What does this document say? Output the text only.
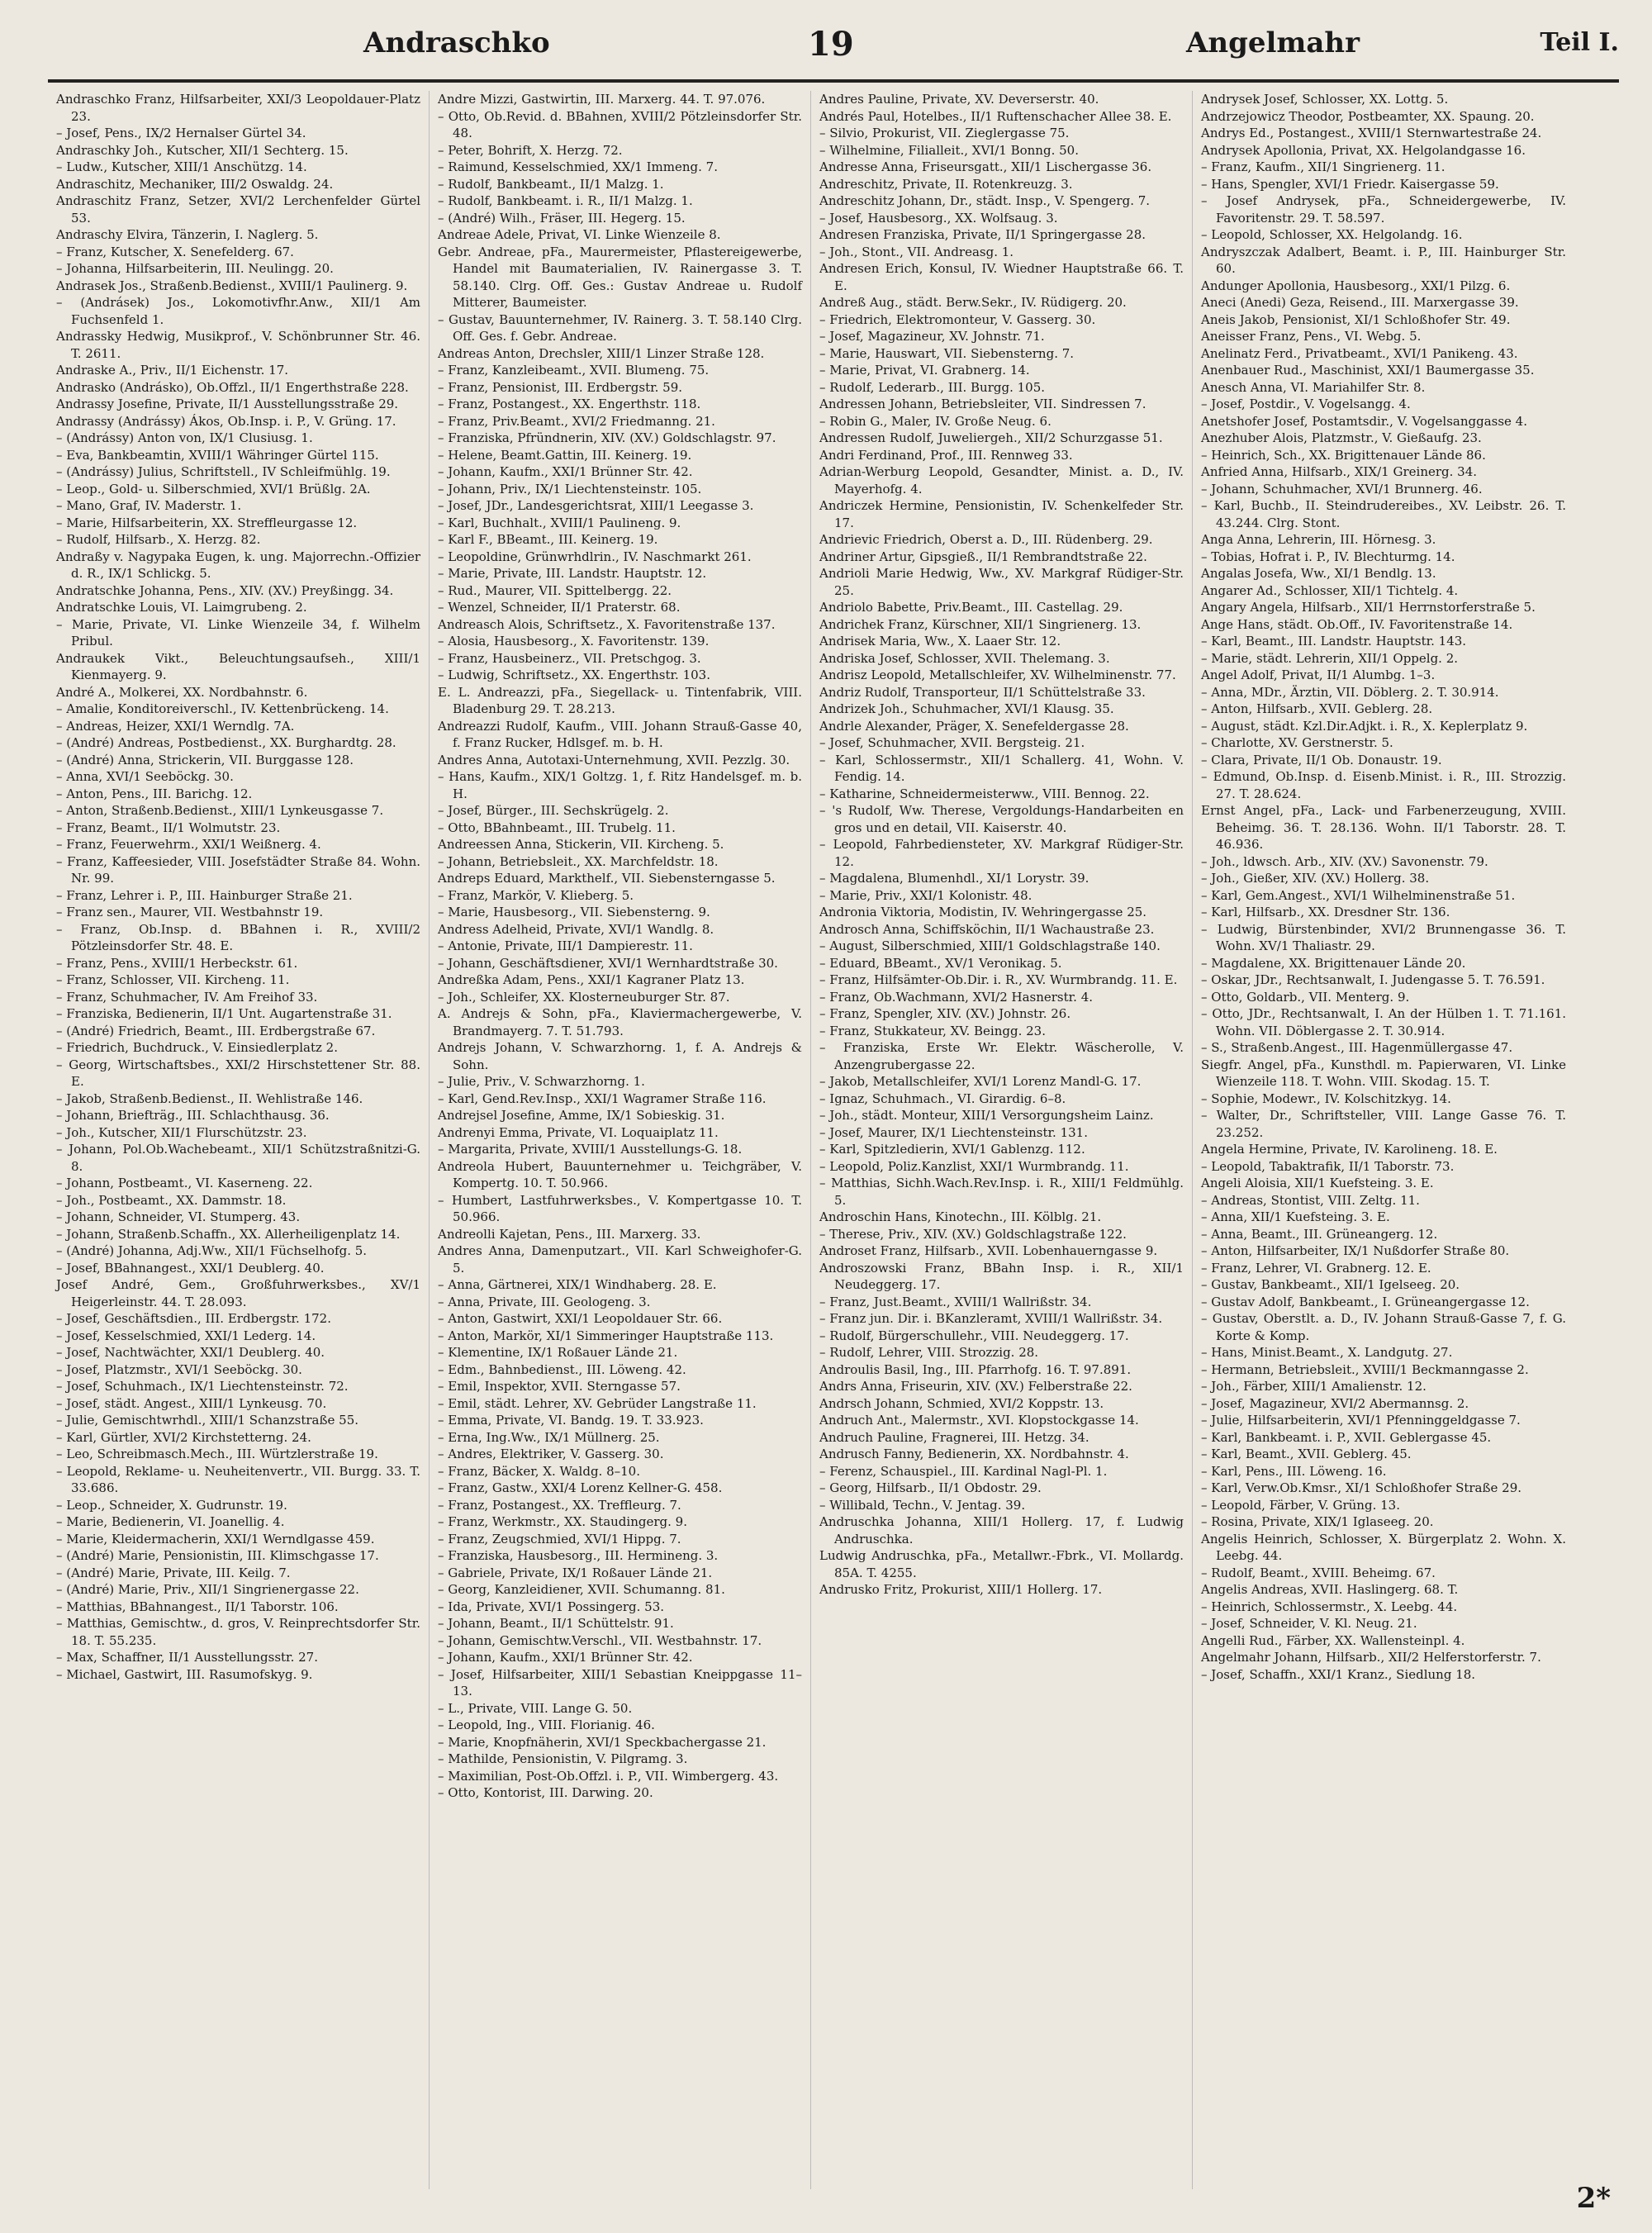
Andraschko	19	Angelmahr	Teil I.

Andraschko Franz, Hilfsarbeiter, XXI/3 Leopoldauer-Platz 23.

– Josef, Pens., IX/2 Hernalser Gürtel 34.

Andraschky Joh., Kutscher, XII/1 Sechterg. 15.

– Ludw., Kutscher, XIII/1 Anschützg. 14.

Andraschitz, Mechaniker, III/2 Oswaldg. 24.

Andraschitz Franz, Setzer, XVI/2 Lerchenfelder Gürtel 53.

Andraschy Elvira, Tänzerin, I. Naglerg. 5.

– Franz, Kutscher, X. Senefelderg. 67.

– Johanna, Hilfsarbeiterin, III. Neulingg. 20.

Andrasek Jos., Straßenb.Bedienst., XVIII/1 Paulinerg. 9.

– (Andrásek) Jos., Lokomotivfhr.Anw., XII/1 Am Fuchsenfeld 1.

Andrassky Hedwig, Musikprof., V. Schönbrunner Str. 46. T. 2611.

Andraske A., Priv., II/1 Eichenstr. 17.

Andrasko (Andrásko), Ob.Offzl., II/1 Engerthstraße 228.

Andrassy Josefine, Private, II/1 Ausstellungsstraße 29.

Andrassy (Andrássy) Ákos, Ob.Insp. i. P., V. Grüng. 17.

– (Andrássy) Anton von, IX/1 Clusiusg. 1.

– Eva, Bankbeamtin, XVIII/1 Währinger Gürtel 115.

– (Andrássy) Julius, Schriftstell., IV Schleifmühlg. 19.

– Leop., Gold- u. Silberschmied, XVI/1 Brüßlg. 2A.

– Mano, Graf, IV. Maderstr. 1.

– Marie, Hilfsarbeiterin, XX. Streffleurgasse 12.

– Rudolf, Hilfsarb., X. Herzg. 82.

Andraßy v. Nagypaka Eugen, k. ung. Majorrechn.-Offizier d. R., IX/1 Schlickg. 5.

Andratschke Johanna, Pens., XIV. (XV.) Preyßingg. 34.

Andratschke Louis, VI. Laimgrubeng. 2.

– Marie, Private, VI. Linke Wienzeile 34, f. Wilhelm Pribul.

Andraukek Vikt., Beleuchtungsaufseh., XIII/1 Kienmayerg. 9.

André A., Molkerei, XX. Nordbahnstr. 6.

– Amalie, Konditoreiverschl., IV. Kettenbrückeng. 14.

– Andreas, Heizer, XXI/1 Werndlg. 7A.

– (André) Andreas, Postbedienst., XX. Burghardtg. 28.

– (André) Anna, Strickerin, VII. Burggasse 128.

– Anna, XVI/1 Seeböckg. 30.

– Anton, Pens., III. Barichg. 12.

– Anton, Straßenb.Bedienst., XIII/1 Lynkeusgasse 7.

– Franz, Beamt., II/1 Wolmutstr. 23.

– Franz, Feuerwehrm., XXI/1 Weißnerg. 4.

– Franz, Kaffeesieder, VIII. Josefstädter Straße 84. Wohn. Nr. 99.

– Franz, Lehrer i. P., III. Hainburger Straße 21.

– Franz sen., Maurer, VII. Westbahnstr 19.

– Franz, Ob.Insp. d. BBahnen i. R., XVIII/2 Pötzleinsdorfer Str. 48. E.

– Franz, Pens., XVIII/1 Herbeckstr. 61.

– Franz, Schlosser, VII. Kircheng. 11.

– Franz, Schuhmacher, IV. Am Freihof 33.

– Franziska, Bedienerin, II/1 Unt. Augartenstraße 31.

– (André) Friedrich, Beamt., III. Erdbergstraße 67.

– Friedrich, Buchdruck., V. Einsiedlerplatz 2.

– Georg, Wirtschaftsbes., XXI/2 Hirschstettener Str. 88. E.

– Jakob, Straßenb.Bedienst., II. Wehlistraße 146.

– Johann, Briefträg., III. Schlachthausg. 36.

– Joh., Kutscher, XII/1 Flurschützstr. 23.

– Johann, Pol.Ob.Wachebeamt., XII/1 Schützstraßnitzi-G. 8.

– Johann, Postbeamt., VI. Kaserneng. 22.

– Joh., Postbeamt., XX. Dammstr. 18.

– Johann, Schneider, VI. Stumperg. 43.

– Johann, Straßenb.Schaffn., XX. Allerheiligenplatz 14.

– (André) Johanna, Adj.Ww., XII/1 Füchselhofg. 5.

– Josef, BBahnangest., XXI/1 Deublerg. 40.

Josef André, Gem., Großfuhrwerksbes., XV/1 Heigerleinstr. 44. T. 28.093.

– Josef, Geschäftsdien., III. Erdbergstr. 172.

– Josef, Kesselschmied, XXI/1 Lederg. 14.

– Josef, Nachtwächter, XXI/1 Deublerg. 40.

– Josef, Platzmstr., XVI/1 Seeböckg. 30.

– Josef, Schuhmach., IX/1 Liechtensteinstr. 72.

– Josef, städt. Angest., XIII/1 Lynkeusg. 70.

– Julie, Gemischtwrhdl., XIII/1 Schanzstraße 55.

– Karl, Gürtler, XVI/2 Kirchstetterng. 24.

– Leo, Schreibmasch.Mech., III. Würtzlerstraße 19.

– Leopold, Reklame- u. Neuheitenvertr., VII. Burgg. 33. T. 33.686.

– Leop., Schneider, X. Gudrunstr. 19.

– Marie, Bedienerin, VI. Joanellig. 4.

– Marie, Kleidermacherin, XXI/1 Werndlgasse 459.

– (André) Marie, Pensionistin, III. Klimschgasse 17.

– (André) Marie, Private, III. Keilg. 7.

– (André) Marie, Priv., XII/1 Singrienergasse 22.

– Matthias, BBahnangest., II/1 Taborstr. 106.

– Matthias, Gemischtw., d. gros, V. Reinprechtsdorfer Str. 18. T. 55.235.

– Max, Schaffner, II/1 Ausstellungsstr. 27.

– Michael, Gastwirt, III. Rasumofskyg. 9.

Andre Mizzi, Gastwirtin, III. Marxerg. 44. T. 97.076.

– Otto, Ob.Revid. d. BBahnen, XVIII/2 Pötzleinsdorfer Str. 48.

– Peter, Bohrift, X. Herzg. 72.

– Raimund, Kesselschmied, XX/1 Immeng. 7.

– Rudolf, Bankbeamt., II/1 Malzg. 1.

– Rudolf, Bankbeamt. i. R., II/1 Malzg. 1.

– (André) Wilh., Fräser, III. Hegerg. 15.

Andreae Adele, Privat, VI. Linke Wienzeile 8.

Gebr. Andreae, pFa., Maurermeister, Pflastereigewerbe, Handel mit Baumaterialien, IV. Rainergasse 3. T. 58.140. Clrg. Off. Ges.: Gustav Andreae u. Rudolf Mitterer, Baumeister.

– Gustav, Bauunternehmer, IV. Rainerg. 3. T. 58.140 Clrg. Off. Ges. f. Gebr. Andreae.

Andreas Anton, Drechsler, XIII/1 Linzer Straße 128.

– Franz, Kanzleibeamt., XVII. Blumeng. 75.

– Franz, Pensionist, III. Erdbergstr. 59.

– Franz, Postangest., XX. Engerthstr. 118.

– Franz, Priv.Beamt., XVI/2 Friedmanng. 21.

– Franziska, Pfründnerin, XIV. (XV.) Goldschlagstr. 97.

– Helene, Beamt.Gattin, III. Keinerg. 19.

– Johann, Kaufm., XXI/1 Brünner Str. 42.

– Johann, Priv., IX/1 Liechtensteinstr. 105.

– Josef, JDr., Landesgerichtsrat, XIII/1 Leegasse 3.

– Karl, Buchhalt., XVIII/1 Paulineng. 9.

– Karl F., BBeamt., III. Keinerg. 19.

– Leopoldine, Grünwrhdlrin., IV. Naschmarkt 261.

– Marie, Private, III. Landstr. Hauptstr. 12.

– Rud., Maurer, VII. Spittelbergg. 22.

– Wenzel, Schneider, II/1 Praterstr. 68.

Andreasch Alois, Schriftsetz., X. Favoritenstraße 137.

– Alosia, Hausbesorg., X. Favoritenstr. 139.

– Franz, Hausbeinerz., VII. Pretschgog. 3.

– Ludwig, Schriftsetz., XX. Engerthstr. 103.

E. L. Andreazzi, pFa., Siegellack- u. Tintenfabrik, VIII. Bladenburg 29. T. 28.213.

Andreazzi Rudolf, Kaufm., VIII. Johann Strauß-Gasse 40, f. Franz Rucker, Hdlsgef. m. b. H.

Andres Anna, Autotaxi-Unternehmung, XVII. Pezzlg. 30.

– Hans, Kaufm., XIX/1 Goltzg. 1, f. Ritz Handelsgef. m. b. H.

– Josef, Bürger., III. Sechskrügelg. 2.

– Otto, BBahnbeamt., III. Trubelg. 11.

Andreessen Anna, Stickerin, VII. Kircheng. 5.

– Johann, Betriebsleit., XX. Marchfeldstr. 18.

Andreps Eduard, Markthelf., VII. Siebensterngasse 5.

– Franz, Markör, V. Klieberg. 5.

– Marie, Hausbesorg., VII. Siebensterng. 9.

Andress Adelheid, Private, XVI/1 Wandlg. 8.

– Antonie, Private, III/1 Dampierestr. 11.

– Johann, Geschäftsdiener, XVI/1 Wernhardtstraße 30.

Andreßka Adam, Pens., XXI/1 Kagraner Platz 13.

– Joh., Schleifer, XX. Klosterneuburger Str. 87.

A. Andrejs & Sohn, pFa., Klaviermachergewerbe, V. Brandmayerg. 7. T. 51.793.

Andrejs Johann, V. Schwarzhorng. 1, f. A. Andrejs & Sohn.

– Julie, Priv., V. Schwarzhorng. 1.

– Karl, Gend.Rev.Insp., XXI/1 Wagramer Straße 116.

Andrejsel Josefine, Amme, IX/1 Sobieskig. 31.

Andrenyi Emma, Private, VI. Loquaiplatz 11.

– Margarita, Private, XVIII/1 Ausstellungs-G. 18.

Andreola Hubert, Bauunternehmer u. Teichgräber, V. Kompertg. 10. T. 50.966.

– Humbert, Lastfuhrwerksbes., V. Kompertgasse 10. T. 50.966.

Andreolli Kajetan, Pens., III. Marxerg. 33.

Andres Anna, Damenputzart., VII. Karl Schweighofer-G. 5.

– Anna, Gärtnerei, XIX/1 Windhaberg. 28. E.

– Anna, Private, III. Geologeng. 3.

– Anton, Gastwirt, XXI/1 Leopoldauer Str. 66.

– Anton, Markör, XI/1 Simmeringer Hauptstraße 113.

– Klementine, IX/1 Roßauer Lände 21.

– Edm., Bahnbedienst., III. Löweng. 42.

– Emil, Inspektor, XVII. Sterngasse 57.

– Emil, städt. Lehrer, XV. Gebrüder Langstraße 11.

– Emma, Private, VI. Bandg. 19. T. 33.923.

– Erna, Ing.Ww., IX/1 Müllnerg. 25.

– Andres, Elektriker, V. Gasserg. 30.

– Franz, Bäcker, X. Waldg. 8–10.

– Franz, Gastw., XXI/4 Lorenz Kellner-G. 458.

– Franz, Postangest., XX. Treffleurg. 7.

– Franz, Werkmstr., XX. Staudingerg. 9.

– Franz, Zeugschmied, XVI/1 Hippg. 7.

– Franziska, Hausbesorg., III. Hermineng. 3.

– Gabriele, Private, IX/1 Roßauer Lände 21.

– Georg, Kanzleidiener, XVII. Schumanng. 81.

– Ida, Private, XVI/1 Possingerg. 53.

– Johann, Beamt., II/1 Schüttelstr. 91.

– Johann, Gemischtw.Verschl., VII. Westbahnstr. 17.

– Johann, Kaufm., XXI/1 Brünner Str. 42.

– Josef, Hilfsarbeiter, XIII/1 Sebastian Kneippgasse 11–13.

– L., Private, VIII. Lange G. 50.

– Leopold, Ing., VIII. Florianig. 46.

– Marie, Knopfnäherin, XVI/1 Speckbachergasse 21.

– Mathilde, Pensionistin, V. Pilgramg. 3.

– Maximilian, Post-Ob.Offzl. i. P., VII. Wimbergerg. 43.

– Otto, Kontorist, III. Darwing. 20.

Andres Pauline, Private, XV. Deverserstr. 40.

Andrés Paul, Hotelbes., II/1 Ruftenschacher Allee 38. E.

– Silvio, Prokurist, VII. Zieglergasse 75.

– Wilhelmine, Filialleit., XVI/1 Bonng. 50.

Andresse Anna, Friseursgatt., XII/1 Lischergasse 36.

Andreschitz, Private, II. Rotenkreuzg. 3.

Andreschitz Johann, Dr., städt. Insp., V. Spengerg. 7.

– Josef, Hausbesorg., XX. Wolfsaug. 3.

Andresen Franziska, Private, II/1 Springergasse 28.

– Joh., Stont., VII. Andreasg. 1.

Andresen Erich, Konsul, IV. Wiedner Hauptstraße 66. T. E.

Andreß Aug., städt. Berw.Sekr., IV. Rüdigerg. 20.

– Friedrich, Elektromonteur, V. Gasserg. 30.

– Josef, Magazineur, XV. Johnstr. 71.

– Marie, Hauswart, VII. Siebensterng. 7.

– Marie, Privat, VI. Grabnerg. 14.

– Rudolf, Lederarb., III. Burgg. 105.

Andressen Johann, Betriebsleiter, VII. Sindressen 7.

– Robin G., Maler, IV. Große Neug. 6.

Andressen Rudolf, Juweliergeh., XII/2 Schurzgasse 51.

Andri Ferdinand, Prof., III. Rennweg 33.

Adrian-Werburg Leopold, Gesandter, Minist. a. D., IV. Mayerhofg. 4.

Andriczek Hermine, Pensionistin, IV. Schenkelfeder Str. 17.

Andrievic Friedrich, Oberst a. D., III. Rüdenberg. 29.

Andriner Artur, Gipsgieß., II/1 Rembrandtstraße 22.

Andrioli Marie Hedwig, Ww., XV. Markgraf Rüdiger-Str. 25.

Andriolo Babette, Priv.Beamt., III. Castellag. 29.

Andrichek Franz, Kürschner, XII/1 Singrienerg. 13.

Andrisek Maria, Ww., X. Laaer Str. 12.

Andriska Josef, Schlosser, XVII. Thelemang. 3.

Andrisz Leopold, Metallschleifer, XV. Wilhelminenstr. 77.

Andriz Rudolf, Transporteur, II/1 Schüttelstraße 33.

Andrizek Joh., Schuhmacher, XVI/1 Klausg. 35.

Andrle Alexander, Präger, X. Senefeldergasse 28.

– Josef, Schuhmacher, XVII. Bergsteig. 21.

– Karl, Schlossermstr., XII/1 Schallerg. 41, Wohn. V. Fendig. 14.

– Katharine, Schneidermeisterww., VIII. Bennog. 22.

– 's Rudolf, Ww. Therese, Vergoldungs-Handarbeiten en gros und en detail, VII. Kaiserstr. 40.

– Leopold, Fahrbediensteter, XV. Markgraf Rüdiger-Str. 12.

– Magdalena, Blumenhdl., XI/1 Lorystr. 39.

– Marie, Priv., XXI/1 Kolonistr. 48.

Andronia Viktoria, Modistin, IV. Wehringergasse 25.

Androsch Anna, Schiffsköchin, II/1 Wachaustraße 23.

– August, Silberschmied, XIII/1 Goldschlagstraße 140.

– Eduard, BBeamt., XV/1 Veronikag. 5.

– Franz, Hilfsämter-Ob.Dir. i. R., XV. Wurmbrandg. 11. E.

– Franz, Ob.Wachmann, XVI/2 Hasnerstr. 4.

– Franz, Spengler, XIV. (XV.) Johnstr. 26.

– Franz, Stukkateur, XV. Beingg. 23.

– Franziska, Erste Wr. Elektr. Wäscherolle, V. Anzengrubergasse 22.

– Jakob, Metallschleifer, XVI/1 Lorenz Mandl-G. 17.

– Ignaz, Schuhmach., VI. Girardig. 6–8.

– Joh., städt. Monteur, XIII/1 Versorgungsheim Lainz.

– Josef, Maurer, IX/1 Liechtensteinstr. 131.

– Karl, Spitzledierin, XVI/1 Gablenzg. 112.

– Leopold, Poliz.Kanzlist, XXI/1 Wurmbrandg. 11.

– Matthias, Sichh.Wach.Rev.Insp. i. R., XIII/1 Feldmühlg. 5.

Androschin Hans, Kinotechn., III. Kölblg. 21.

– Therese, Priv., XIV. (XV.) Goldschlagstraße 122.

Androset Franz, Hilfsarb., XVII. Lobenhauerngasse 9.

Androszowski Franz, BBahn Insp. i. R., XII/1 Neudeggerg. 17.

– Franz, Just.Beamt., XVIII/1 Wallrißstr. 34.

– Franz jun. Dir. i. BKanzleramt, XVIII/1 Wallrißstr. 34.

– Rudolf, Bürgerschullehr., VIII. Neudeggerg. 17.

– Rudolf, Lehrer, VIII. Strozzig. 28.

Androulis Basil, Ing., III. Pfarrhofg. 16. T. 97.891.

Andrs Anna, Friseurin, XIV. (XV.) Felberstraße 22.

Andrsch Johann, Schmied, XVI/2 Koppstr. 13.

Andruch Ant., Malermstr., XVI. Klopstockgasse 14.

Andruch Pauline, Fragnerei, III. Hetzg. 34.

Andrusch Fanny, Bedienerin, XX. Nordbahnstr. 4.

– Ferenz, Schauspiel., III. Kardinal Nagl-Pl. 1.

– Georg, Hilfsarb., II/1 Obdostr. 29.

– Willibald, Techn., V. Jentag. 39.

Andruschka Johanna, XIII/1 Hollerg. 17, f. Ludwig Andruschka.

Ludwig Andruschka, pFa., Metallwr.-Fbrk., VI. Mollardg. 85A. T. 4255.

Andrusko Fritz, Prokurist, XIII/1 Hollerg. 17.

Andrysek Josef, Schlosser, XX. Lottg. 5.

Andrzejowicz Theodor, Postbeamter, XX. Spaung. 20.

Andrys Ed., Postangest., XVIII/1 Sternwartestraße 24.

Andrysek Apollonia, Privat, XX. Helgolandgasse 16.

– Franz, Kaufm., XII/1 Singrienerg. 11.

– Hans, Spengler, XVI/1 Friedr. Kaisergasse 59.

– Josef Andrysek, pFa., Schneidergewerbe, IV. Favoritenstr. 29. T. 58.597.

– Leopold, Schlosser, XX. Helgolandg. 16.

Andryszczak Adalbert, Beamt. i. P., III. Hainburger Str. 60.

Andunger Apollonia, Hausbesorg., XXI/1 Pilzg. 6.

Aneci (Anedi) Geza, Reisend., III. Marxergasse 39.

Aneis Jakob, Pensionist, XI/1 Schloßhofer Str. 49.

Aneisser Franz, Pens., VI. Webg. 5.

Anelinatz Ferd., Privatbeamt., XVI/1 Panikeng. 43.

Anenbauer Rud., Maschinist, XXI/1 Baumergasse 35.

Anesch Anna, VI. Mariahilfer Str. 8.

– Josef, Postdir., V. Vogelsangg. 4.

Anetshofer Josef, Postamtsdir., V. Vogelsanggasse 4.

Anezhuber Alois, Platzmstr., V. Gießaufg. 23.

– Heinrich, Sch., XX. Brigittenauer Lände 86.

Anfried Anna, Hilfsarb., XIX/1 Greinerg. 34.

– Johann, Schuhmacher, XVI/1 Brunnerg. 46.

– Karl, Buchb., II. Steindrudereibes., XV. Leibstr. 26. T. 43.244. Clrg. Stont.

Anga Anna, Lehrerin, III. Hörnesg. 3.

– Tobias, Hofrat i. P., IV. Blechturmg. 14.

Angalas Josefa, Ww., XI/1 Bendlg. 13.

Angarer Ad., Schlosser, XII/1 Tichtelg. 4.

Angary Angela, Hilfsarb., XII/1 Herrnstorferstraße 5.

Ange Hans, städt. Ob.Off., IV. Favoritenstraße 14.

– Karl, Beamt., III. Landstr. Hauptstr. 143.

– Marie, städt. Lehrerin, XII/1 Oppelg. 2.

Angel Adolf, Privat, II/1 Alumbg. 1–3.

– Anna, MDr., Ärztin, VII. Döblerg. 2. T. 30.914.

– Anton, Hilfsarb., XVII. Geblerg. 28.

– August, städt. Kzl.Dir.Adjkt. i. R., X. Keplerplatz 9.

– Charlotte, XV. Gerstnerstr. 5.

– Clara, Private, II/1 Ob. Donaustr. 19.

– Edmund, Ob.Insp. d. Eisenb.Minist. i. R., III. Strozzig. 27. T. 28.624.

Ernst Angel, pFa., Lack- und Farbenerzeugung, XVIII. Beheimg. 36. T. 28.136. Wohn. II/1 Taborstr. 28. T. 46.936.

– Joh., ldwsch. Arb., XIV. (XV.) Savonenstr. 79.

– Joh., Gießer, XIV. (XV.) Hollerg. 38.

– Karl, Gem.Angest., XVI/1 Wilhelminenstraße 51.

– Karl, Hilfsarb., XX. Dresdner Str. 136.

– Ludwig, Bürstenbinder, XVI/2 Brunnengasse 36. T. Wohn. XV/1 Thaliastr. 29.

– Magdalene, XX. Brigittenauer Lände 20.

– Oskar, JDr., Rechtsanwalt, I. Judengasse 5. T. 76.591.

– Otto, Goldarb., VII. Menterg. 9.

– Otto, JDr., Rechtsanwalt, I. An der Hülben 1. T. 71.161. Wohn. VII. Döblergasse 2. T. 30.914.

– S., Straßenb.Angest., III. Hagenmüllergasse 47.

Siegfr. Angel, pFa., Kunsthdl. m. Papierwaren, VI. Linke Wienzeile 118. T. Wohn. VIII. Skodag. 15. T.

– Sophie, Modewr., IV. Kolschitzkyg. 14.

– Walter, Dr., Schriftsteller, VIII. Lange Gasse 76. T. 23.252.

Angela Hermine, Private, IV. Karolineng. 18. E.

– Leopold, Tabaktrafik, II/1 Taborstr. 73.

Angeli Aloisia, XII/1 Kuefsteing. 3. E.

– Andreas, Stontist, VIII. Zeltg. 11.

– Anna, XII/1 Kuefsteing. 3. E.

– Anna, Beamt., III. Grüneangerg. 12.

– Anton, Hilfsarbeiter, IX/1 Nußdorfer Straße 80.

– Franz, Lehrer, VI. Grabnerg. 12. E.

– Gustav, Bankbeamt., XII/1 Igelseeg. 20.

– Gustav Adolf, Bankbeamt., I. Grüneangergasse 12.

– Gustav, Oberstlt. a. D., IV. Johann Strauß-Gasse 7, f. G. Korte & Komp.

– Hans, Minist.Beamt., X. Landgutg. 27.

– Hermann, Betriebsleit., XVIII/1 Beckmanngasse 2.

– Joh., Färber, XIII/1 Amalienstr. 12.

– Josef, Magazineur, XVI/2 Abermannsg. 2.

– Julie, Hilfsarbeiterin, XVI/1 Pfenninggeldgasse 7.

– Karl, Bankbeamt. i. P., XVII. Geblergasse 45.

– Karl, Beamt., XVII. Geblerg. 45.

– Karl, Pens., III. Löweng. 16.

– Karl, Verw.Ob.Kmsr., XI/1 Schloßhofer Straße 29.

– Leopold, Färber, V. Grüng. 13.

– Rosina, Private, XIX/1 Iglaseeg. 20.

Angelis Heinrich, Schlosser, X. Bürgerplatz 2. Wohn. X. Leebg. 44.

– Rudolf, Beamt., XVIII. Beheimg. 67.

Angelis Andreas, XVII. Haslingerg. 68. T.

– Heinrich, Schlossermstr., X. Leebg. 44.

– Josef, Schneider, V. Kl. Neug. 21.

Angelli Rud., Färber, XX. Wallensteinpl. 4.

Angelmahr Johann, Hilfsarb., XII/2 Helferstorferstr. 7.

– Josef, Schaffn., XXI/1 Kranz., Siedlung 18.

2*
